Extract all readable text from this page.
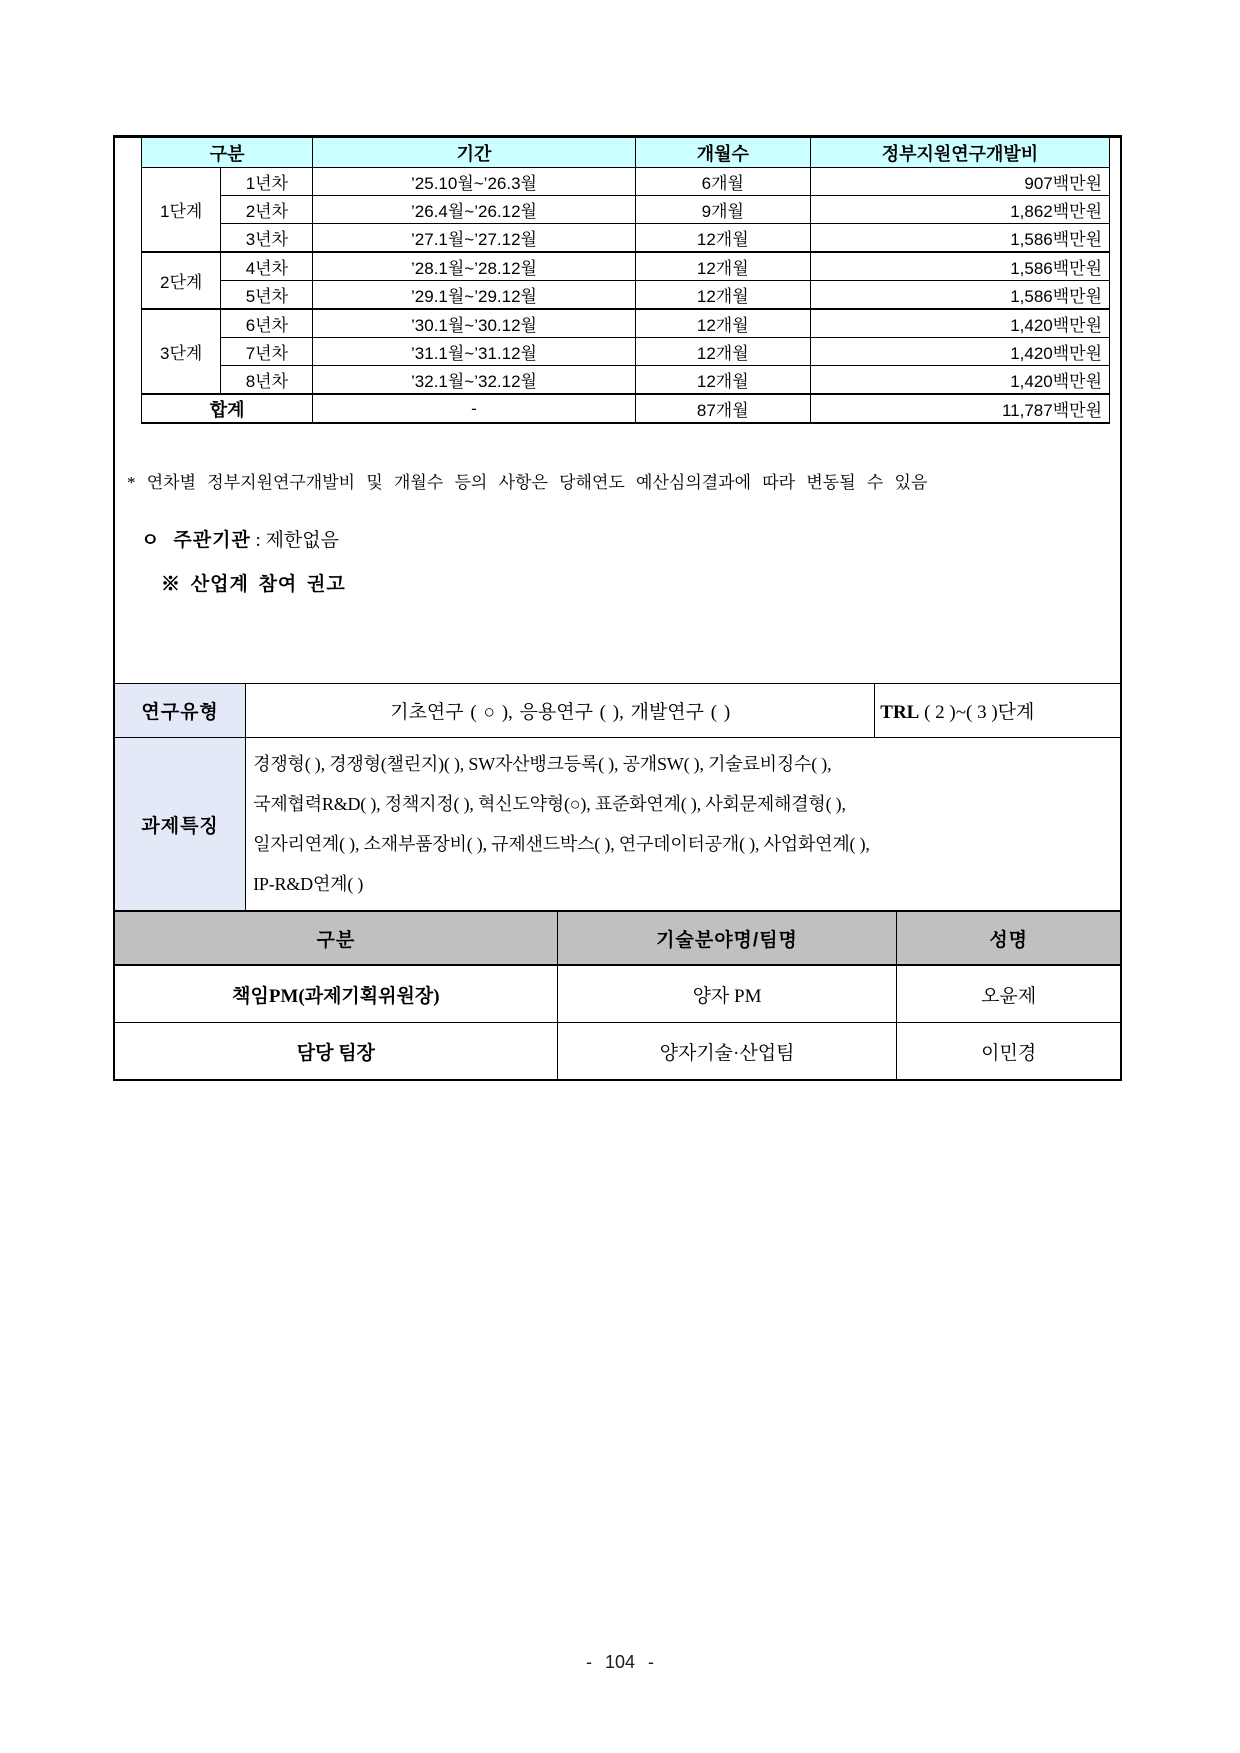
구분		기간	개월수	정부지원연구개발비
1단계	1년차	’25.10월~’26.3월	6개월	907백만원
	2년차	’26.4월~’26.12월	9개월	1,862백만원
	3년차	’27.1월~’27.12월	12개월	1,586백만원
2단계	4년차	’28.1월~’28.12월	12개월	1,586백만원
	5년차	’29.1월~’29.12월	12개월	1,586백만원
3단계	6년차	’30.1월~’30.12월	12개월	1,420백만원
	7년차	’31.1월~’31.12월	12개월	1,420백만원
	8년차	’32.1월~’32.12월	12개월	1,420백만원
합계		-	87개월	11,787백만원
* 연차별 정부지원연구개발비 및 개월수 등의 사항은 당해연도 예산심의결과에 따라 변동될 수 있음
ㅇ 주관기관 : 제한없음
※ 산업계 참여 권고
연구유형	기초연구 ( ○ ), 응용연구 ( ), 개발연구 ( )	TRL ( 2 )~( 3 )단계
과제특징	경쟁형( ), 경쟁형(챌린지)( ), SW자산뱅크등록( ), 공개SW( ), 기술료비징수( ),
국제협력R&D( ), 정책지정( ), 혁신도약형(○), 표준화연계( ), 사회문제해결형( ),
일자리연계( ), 소재부품장비( ), 규제샌드박스( ), 연구데이터공개( ), 사업화연계( ),
IP-R&D연계( )	
구분	기술분야명/팀명	성명
책임PM(과제기획위원장)	양자 PM	오윤제
담당 팀장	양자기술·산업팀	이민경
- 104 -
